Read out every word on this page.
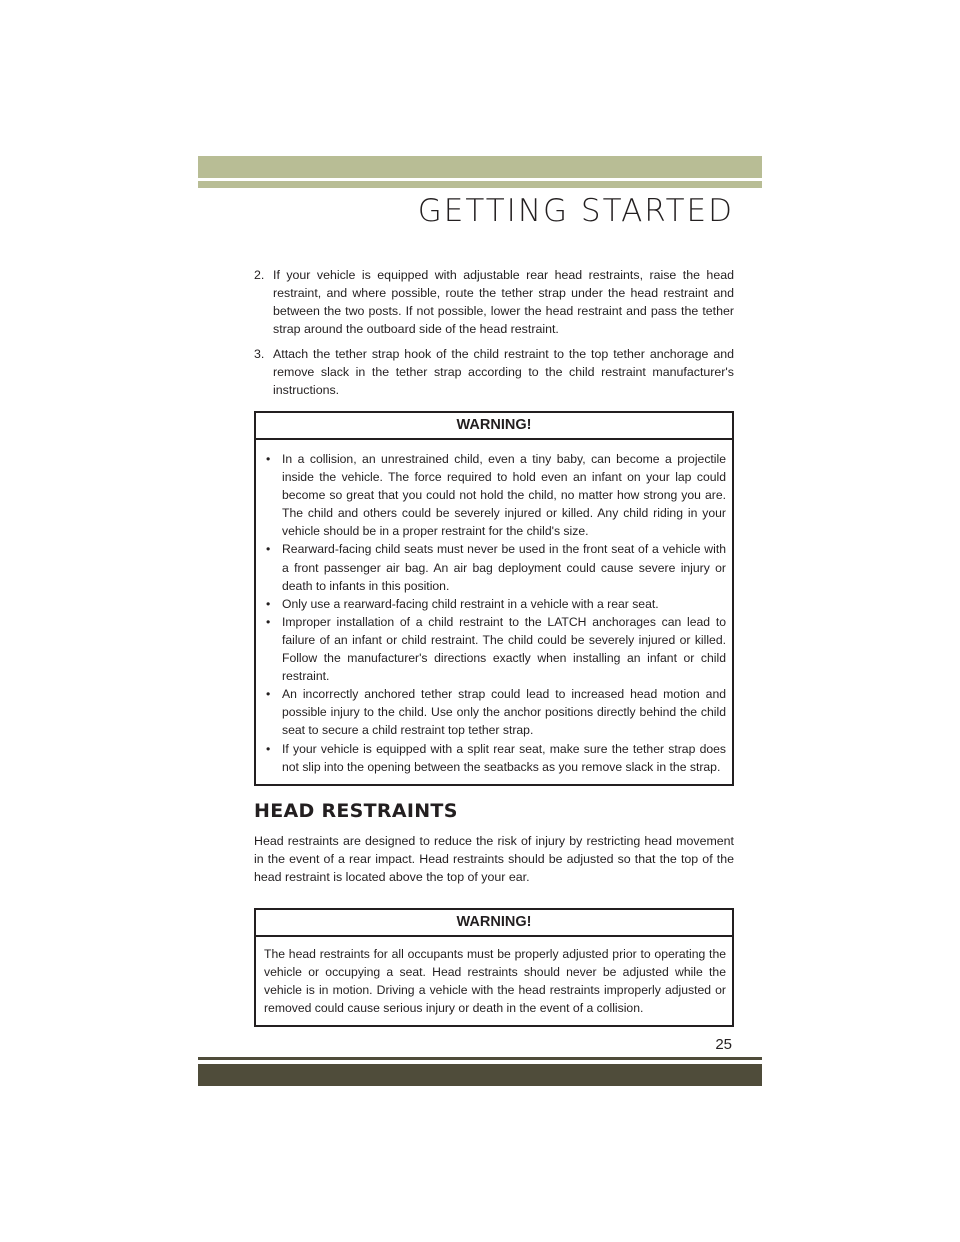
GETTING STARTED
2. If your vehicle is equipped with adjustable rear head restraints, raise the head restraint, and where possible, route the tether strap under the head restraint and between the two posts. If not possible, lower the head restraint and pass the tether strap around the outboard side of the head restraint.
3. Attach the tether strap hook of the child restraint to the top tether anchorage and remove slack in the tether strap according to the child restraint manufacturer's instructions.
WARNING!
• In a collision, an unrestrained child, even a tiny baby, can become a projectile inside the vehicle. The force required to hold even an infant on your lap could become so great that you could not hold the child, no matter how strong you are. The child and others could be severely injured or killed. Any child riding in your vehicle should be in a proper restraint for the child's size.
• Rearward-facing child seats must never be used in the front seat of a vehicle with a front passenger air bag. An air bag deployment could cause severe injury or death to infants in this position.
• Only use a rearward-facing child restraint in a vehicle with a rear seat.
• Improper installation of a child restraint to the LATCH anchorages can lead to failure of an infant or child restraint. The child could be severely injured or killed. Follow the manufacturer's directions exactly when installing an infant or child restraint.
• An incorrectly anchored tether strap could lead to increased head motion and possible injury to the child. Use only the anchor positions directly behind the child seat to secure a child restraint top tether strap.
• If your vehicle is equipped with a split rear seat, make sure the tether strap does not slip into the opening between the seatbacks as you remove slack in the strap.
HEAD RESTRAINTS

Head restraints are designed to reduce the risk of injury by restricting head movement in the event of a rear impact. Head restraints should be adjusted so that the top of the head restraint is located above the top of your ear.

WARNING!
The head restraints for all occupants must be properly adjusted prior to operating the vehicle or occupying a seat. Head restraints should never be adjusted while the vehicle is in motion. Driving a vehicle with the head restraints improperly adjusted or removed could cause serious injury or death in the event of a collision.
25
